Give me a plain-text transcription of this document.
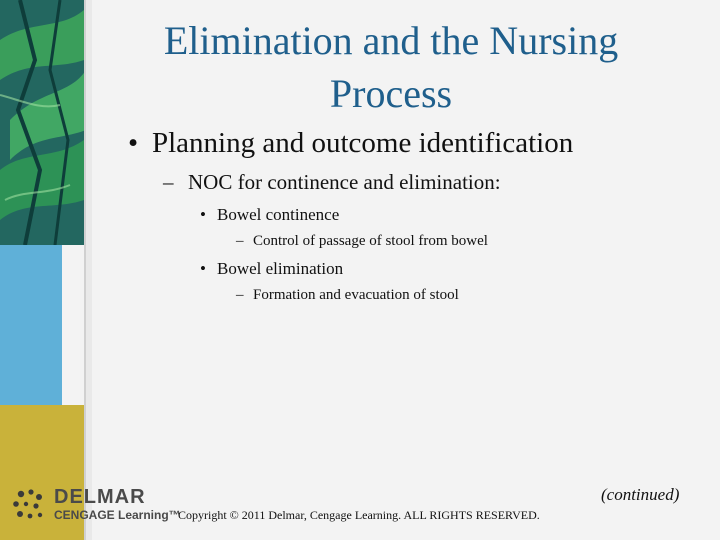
Elimination and the Nursing
Process
• Planning and outcome identification
– NOC for continence and elimination:
• Bowel continence
– Control of passage of stool from bowel
• Bowel elimination
– Formation and evacuation of stool
(continued)
DELMAR
CENGAGE Learning™
Copyright © 2011 Delmar, Cengage Learning. ALL RIGHTS RESERVED.
